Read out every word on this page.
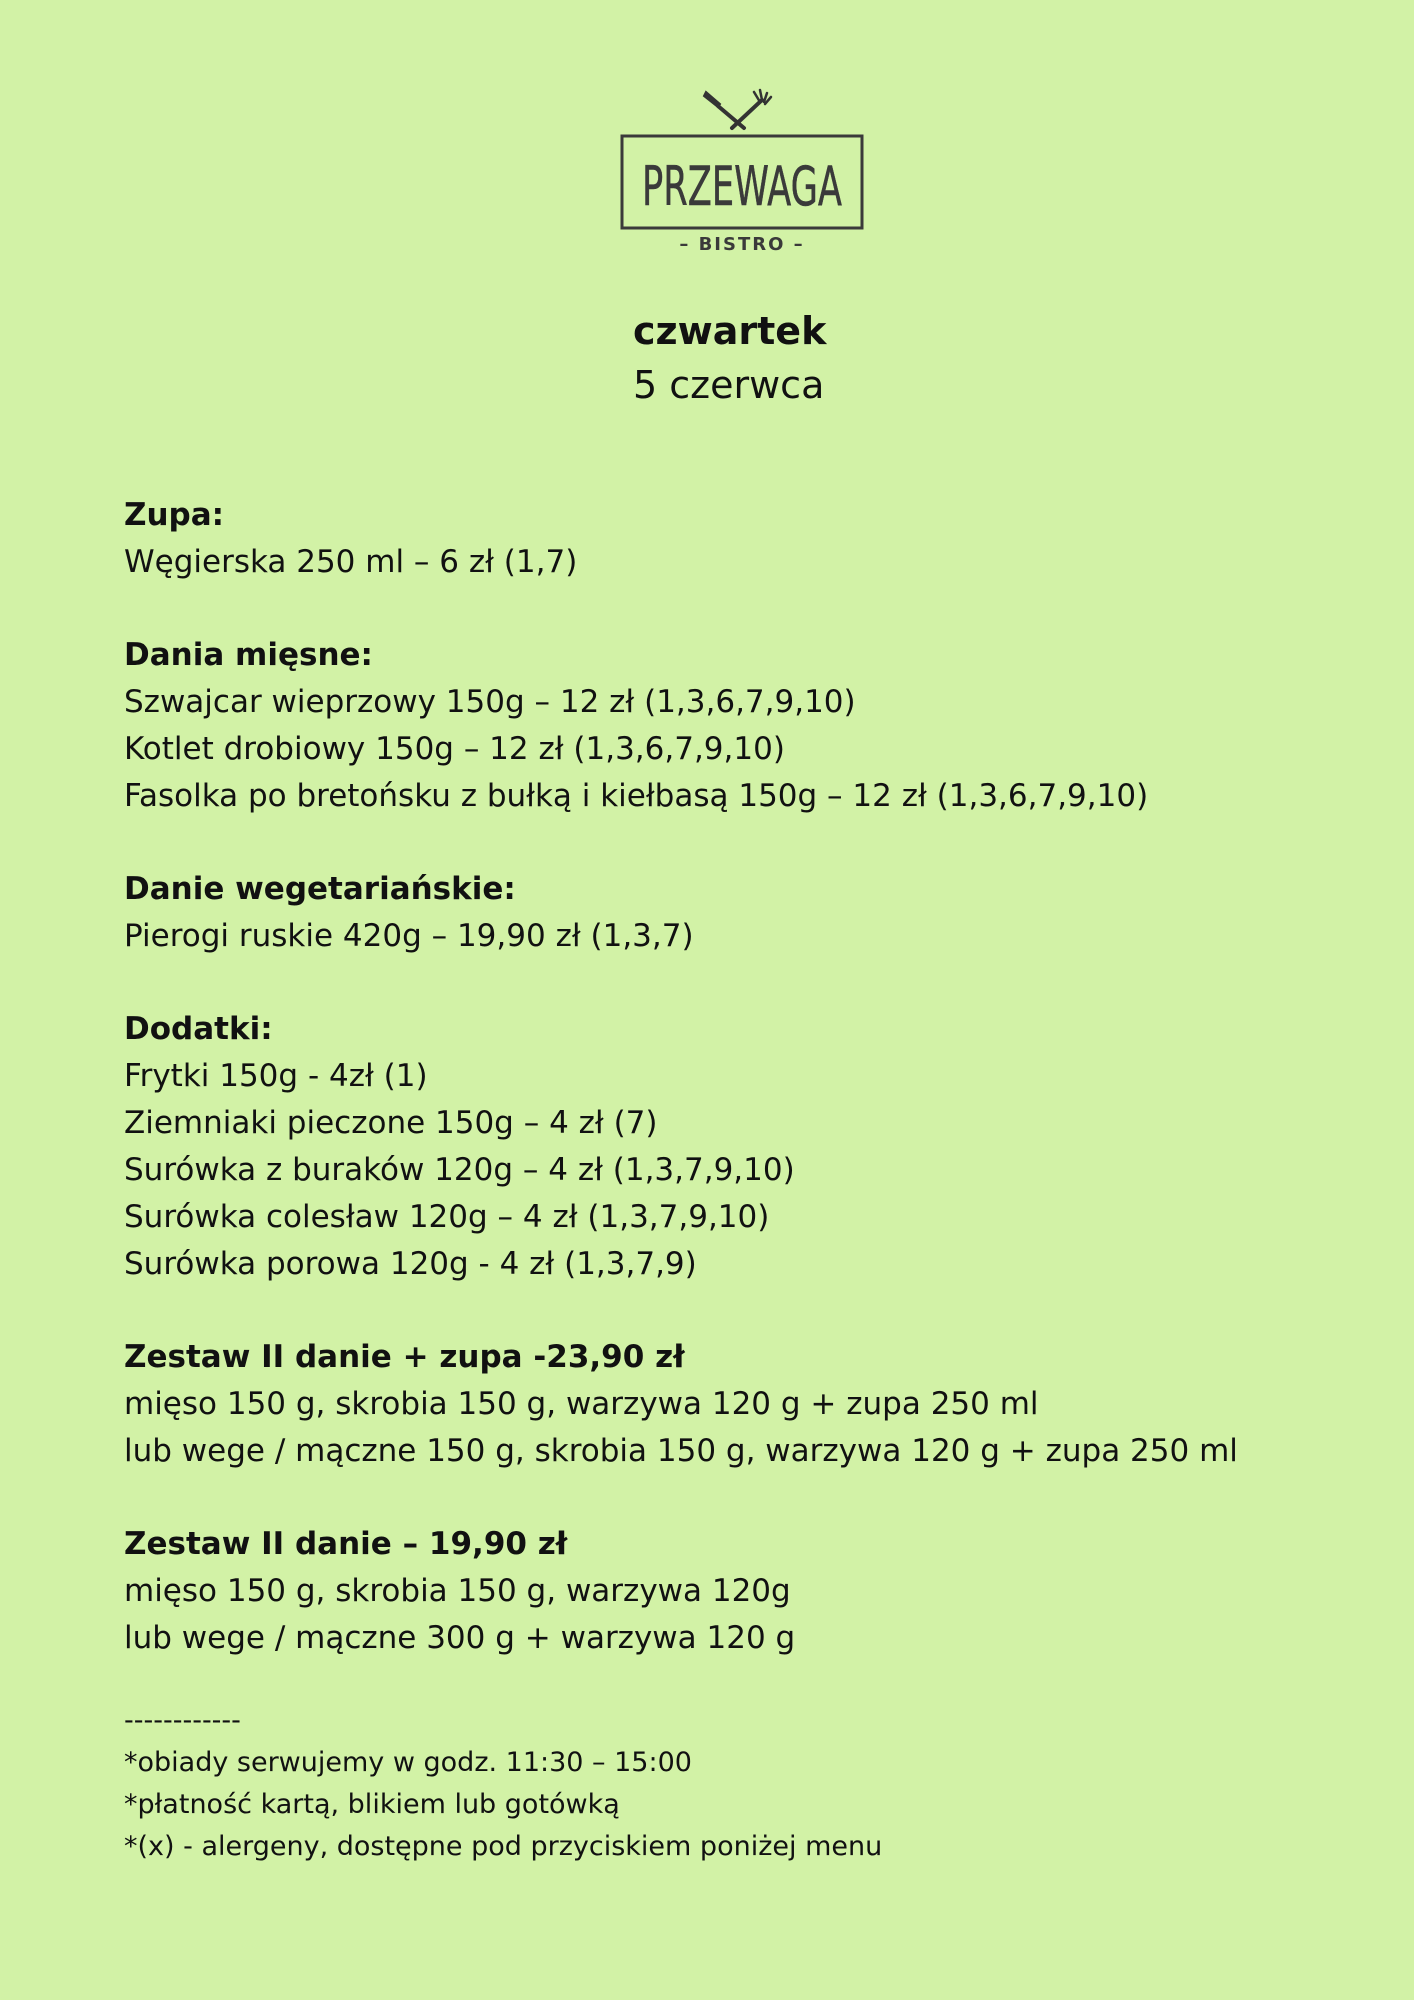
PRZEWAGA
– BISTRO –
czwartek
5 czerwca
Zupa:
Węgierska 250 ml – 6 zł (1,7)
Dania mięsne:
Szwajcar wieprzowy 150g – 12 zł (1,3,6,7,9,10)
Kotlet drobiowy 150g – 12 zł (1,3,6,7,9,10)
Fasolka po bretońsku z bułką i kiełbasą 150g – 12 zł (1,3,6,7,9,10)
Danie wegetariańskie:
Pierogi ruskie 420g – 19,90 zł (1,3,7)
Dodatki:
Frytki 150g - 4zł (1)
Ziemniaki pieczone 150g – 4 zł (7)
Surówka z buraków 120g – 4 zł (1,3,7,9,10)
Surówka colesław 120g – 4 zł (1,3,7,9,10)
Surówka porowa 120g - 4 zł (1,3,7,9)
Zestaw II danie + zupa -23,90 zł
mięso 150 g, skrobia 150 g, warzywa 120 g + zupa 250 ml
lub wege / mączne 150 g, skrobia 150 g, warzywa 120 g + zupa 250 ml
Zestaw II danie – 19,90 zł
mięso 150 g, skrobia 150 g, warzywa 120g
lub wege / mączne 300 g + warzywa 120 g
------------
*obiady serwujemy w godz. 11:30 – 15:00
*płatność kartą, blikiem lub gotówką
*(x) - alergeny, dostępne pod przyciskiem poniżej menu
